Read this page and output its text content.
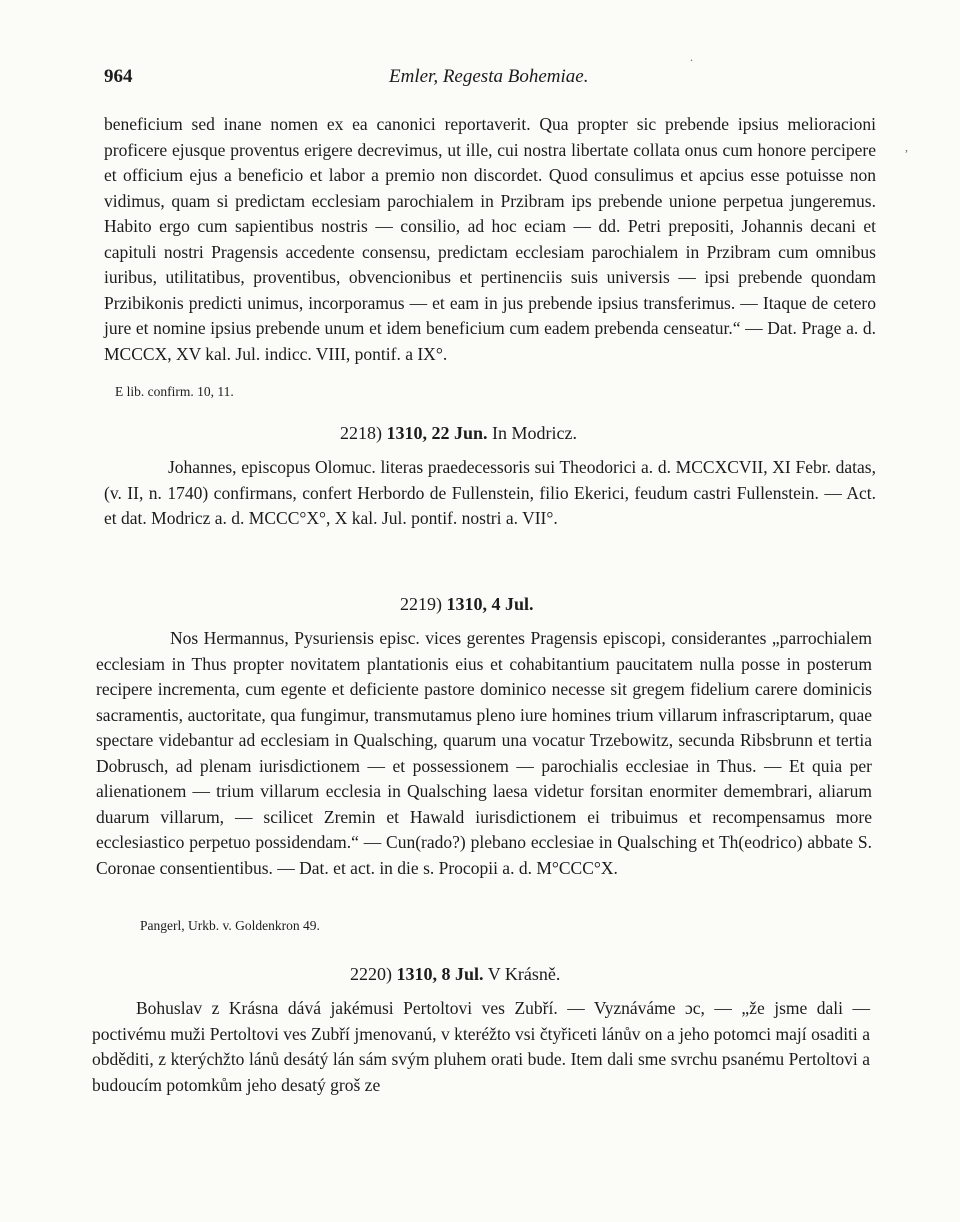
964	Emler, Regesta Bohemiae.
beneficium sed inane nomen ex ea canonici reportaverit. Qua propter sic prebende ipsius melioracioni proficere ejusque proventus erigere decrevimus, ut ille, cui nostra libertate collata onus cum honore percipere et officium ejus a beneficio et labor a premio non discordet. Quod consulimus et apcius esse potuisse non vidimus, quam si predictam ecclesiam parochialem in Przibram ips prebende unione perpetua jungeremus. Habito ergo cum sapientibus nostris — consilio, ad hoc eciam — dd. Petri prepositi, Johannis decani et capituli nostri Pragensis accedente consensu, predictam ecclesiam parochialem in Przibram cum omnibus iuribus, utilitatibus, proventibus, obvencionibus et pertinenciis suis universis — ipsi prebende quondam Przibikonis predicti unimus, incorporamus — et eam in jus prebende ipsius transferimus. — Itaque de cetero jure et nomine ipsius prebende unum et idem beneficium cum eadem prebenda censeatur.“ — Dat. Prage a. d. MCCCX, XV kal. Jul. indicc. VIII, pontif. a IX°.
E lib. confirm. 10, 11.
2218) 1310, 22 Jun. In Modricz.
Johannes, episcopus Olomuc. literas praedecessoris sui Theodorici a. d. MCCXCVII, XI Febr. datas, (v. II, n. 1740) confirmans, confert Herbordo de Fullenstein, filio Ekerici, feudum castri Fullenstein. — Act. et dat. Modricz a. d. MCCC°X°, X kal. Jul. pontif. nostri a. VII°.
2219) 1310, 4 Jul.
Nos Hermannus, Pysuriensis episc. vices gerentes Pragensis episcopi, considerantes „parrochialem ecclesiam in Thus propter novitatem plantationis eius et cohabitantium paucitatem nulla posse in posterum recipere incrementa, cum egente et deficiente pastore dominico necesse sit gregem fidelium carere dominicis sacramentis, auctoritate, qua fungimur, transmutamus pleno iure homines trium villarum infrascriptarum, quae spectare videbantur ad ecclesiam in Qualsching, quarum una vocatur Trzebowitz, secunda Ribsbrunn et tertia Dobrusch, ad plenam iurisdictionem — et possessionem — parochialis ecclesiae in Thus. — Et quia per alienationem — trium villarum ecclesia in Qualsching laesa videtur forsitan enormiter demembrari, aliarum duarum villarum, — scilicet Zremin et Hawald iurisdictionem ei tribuimus et recompensamus more ecclesiastico perpetuo possidendam.“ — Cun(rado?) plebano ecclesiae in Qualsching et Th(eodrico) abbate S. Coronae consentientibus. — Dat. et act. in die s. Procopii a. d. M°CCC°X.
Pangerl, Urkb. v. Goldenkron 49.
2220) 1310, 8 Jul. V Krásně.
Bohuslav z Krásna dává jakémusi Pertoltovi ves Zubří. — Vyznáváme ɔc, — „že jsme dali — poctivému muži Pertoltovi ves Zubří jmenovanú, v kteréžto vsi čtyřiceti lánův on a jeho potomci mají osaditi a obděditi, z kterýchžto lánů desátý lán sám svým pluhem orati bude. Item dali sme svrchu psanému Pertoltovi a budoucím potomkům jeho desatý groš ze
,
.
